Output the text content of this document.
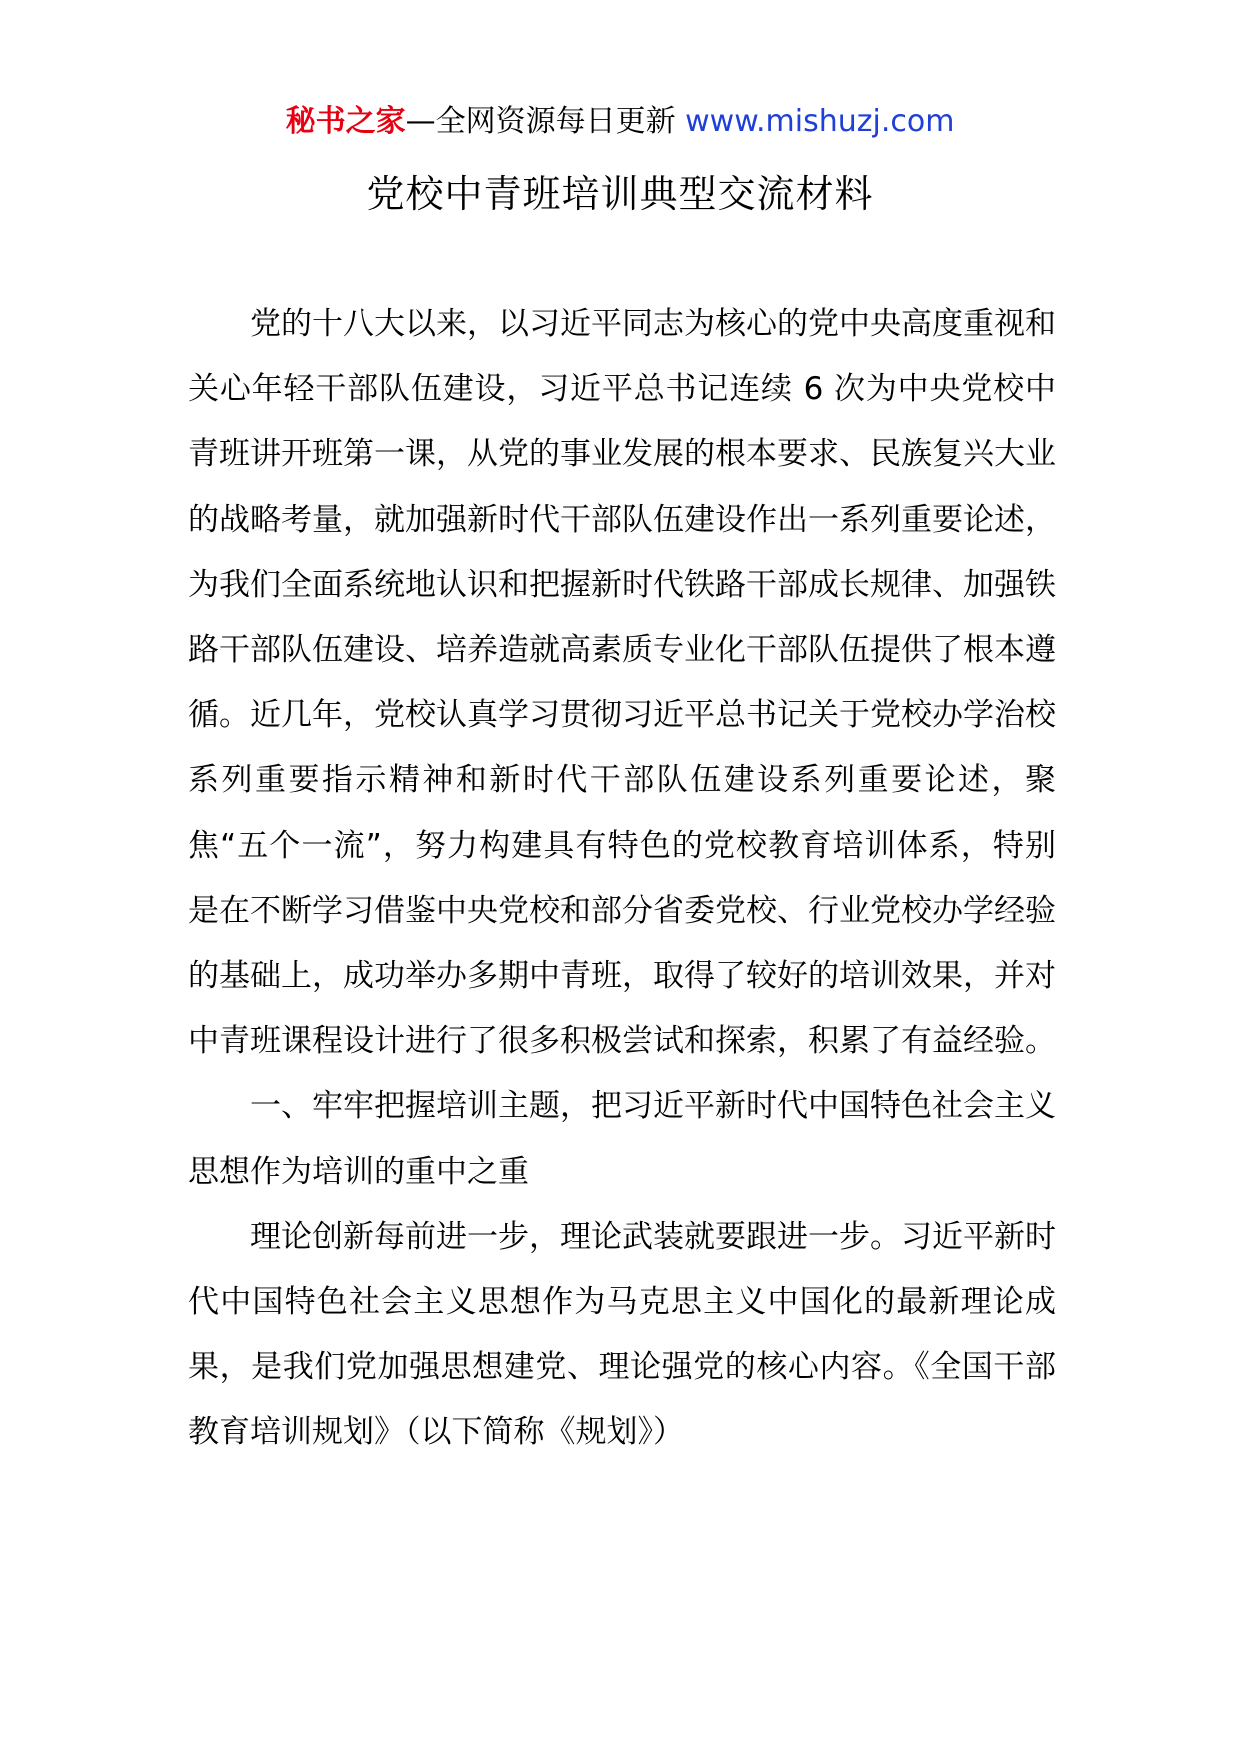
秘书之家—全网资源每日更新 www.mishuzj.com
党校中青班培训典型交流材料

党的十八大以来，以习近平同志为核心的党中央高度重视和关心年轻干部队伍建设，习近平总书记连续 6 次为中央党校中青班讲开班第一课，从党的事业发展的根本要求、民族复兴大业的战略考量，就加强新时代干部队伍建设作出一系列重要论述，为我们全面系统地认识和把握新时代铁路干部成长规律、加强铁路干部队伍建设、培养造就高素质专业化干部队伍提供了根本遵循。近几年，党校认真学习贯彻习近平总书记关于党校办学治校系列重要指示精神和新时代干部队伍建设系列重要论述，聚焦“五个一流”，努力构建具有特色的党校教育培训体系，特别是在不断学习借鉴中央党校和部分省委党校、行业党校办学经验的基础上，成功举办多期中青班，取得了较好的培训效果，并对中青班课程设计进行了很多积极尝试和探索，积累了有益经验。

一、牢牢把握培训主题，把习近平新时代中国特色社会主义思想作为培训的重中之重

理论创新每前进一步，理论武装就要跟进一步。习近平新时代中国特色社会主义思想作为马克思主义中国化的最新理论成果，是我们党加强思想建党、理论强党的核心内容。《全国干部教育培训规划》（以下简称《规划》）
